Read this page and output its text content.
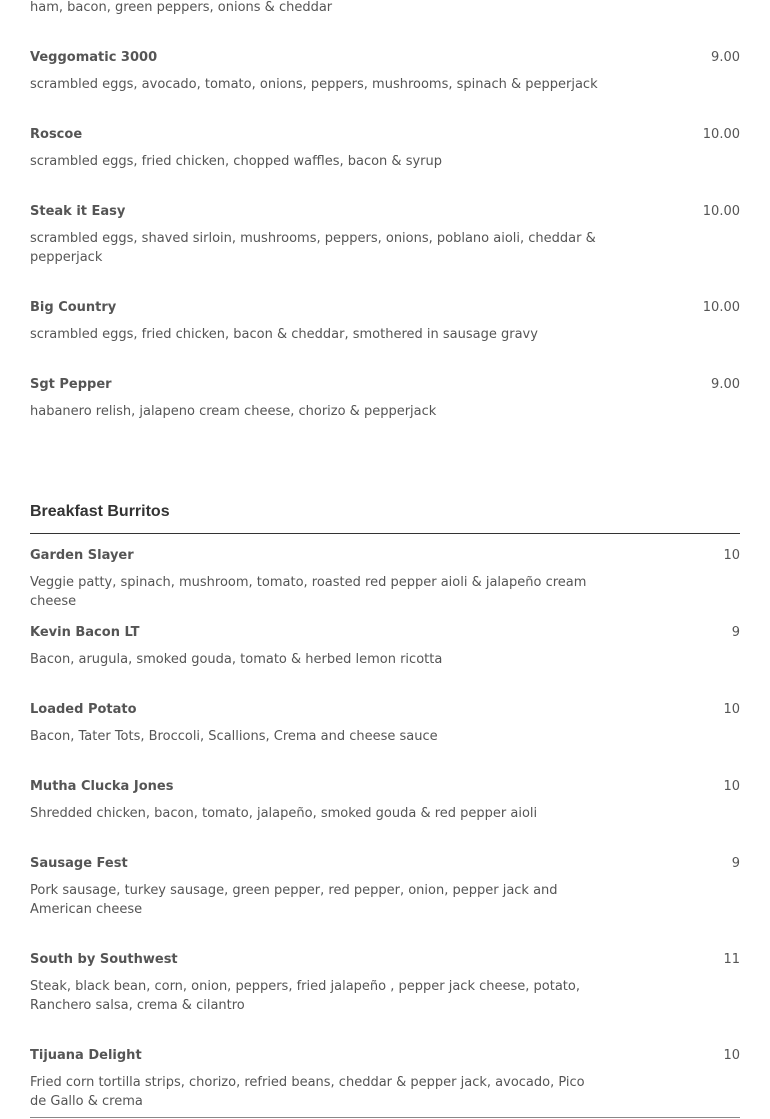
ham, bacon, green peppers, onions & cheddar

Veggomatic 3000	9.00

scrambled eggs, avocado, tomato, onions, peppers, mushrooms, spinach & pepperjack

Roscoe	10.00

scrambled eggs, fried chicken, chopped waffles, bacon & syrup

Steak it Easy	10.00

scrambled eggs, shaved sirloin, mushrooms, peppers, onions, poblano aioli, cheddar & pepperjack

Big Country	10.00

scrambled eggs, fried chicken, bacon & cheddar, smothered in sausage gravy

Sgt Pepper	9.00

habanero relish, jalapeno cream cheese, chorizo & pepperjack

Breakfast Burritos
Garden Slayer	10

Veggie patty, spinach, mushroom, tomato, roasted red pepper aioli & jalapeño cream cheese

Kevin Bacon LT	9

Bacon, arugula, smoked gouda, tomato & herbed lemon ricotta

Loaded Potato	10

Bacon, Tater Tots, Broccoli, Scallions, Crema and cheese sauce

Mutha Clucka Jones	10

Shredded chicken, bacon, tomato, jalapeño, smoked gouda & red pepper aioli

Sausage Fest	9

Pork sausage, turkey sausage, green pepper, red pepper, onion, pepper jack and American cheese

South by Southwest	11

Steak, black bean, corn, onion, peppers, fried jalapeño , pepper jack cheese, potato, Ranchero salsa, crema & cilantro

Tijuana Delight	10

Fried corn tortilla strips, chorizo, refried beans, cheddar & pepper jack, avocado, Pico de Gallo & crema
